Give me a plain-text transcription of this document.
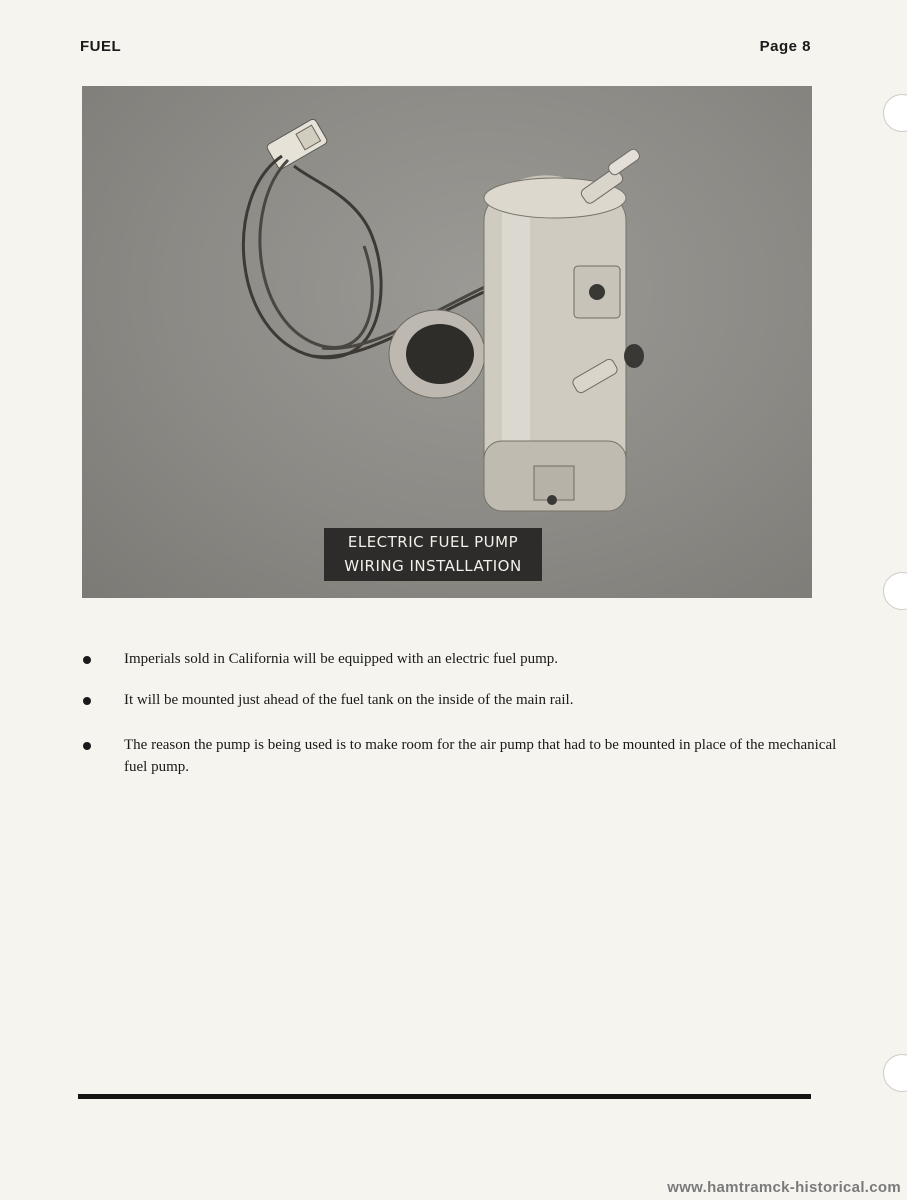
FUEL	Page 8
ELECTRIC FUEL PUMP
WIRING INSTALLATION
Imperials sold in California will be equipped with an electric fuel pump.
It will be mounted just ahead of the fuel tank on the inside of the main rail.
The reason the pump is being used is to make room for the air pump that had to be mounted in place of the mechanical fuel pump.
www.hamtramck-historical.com
